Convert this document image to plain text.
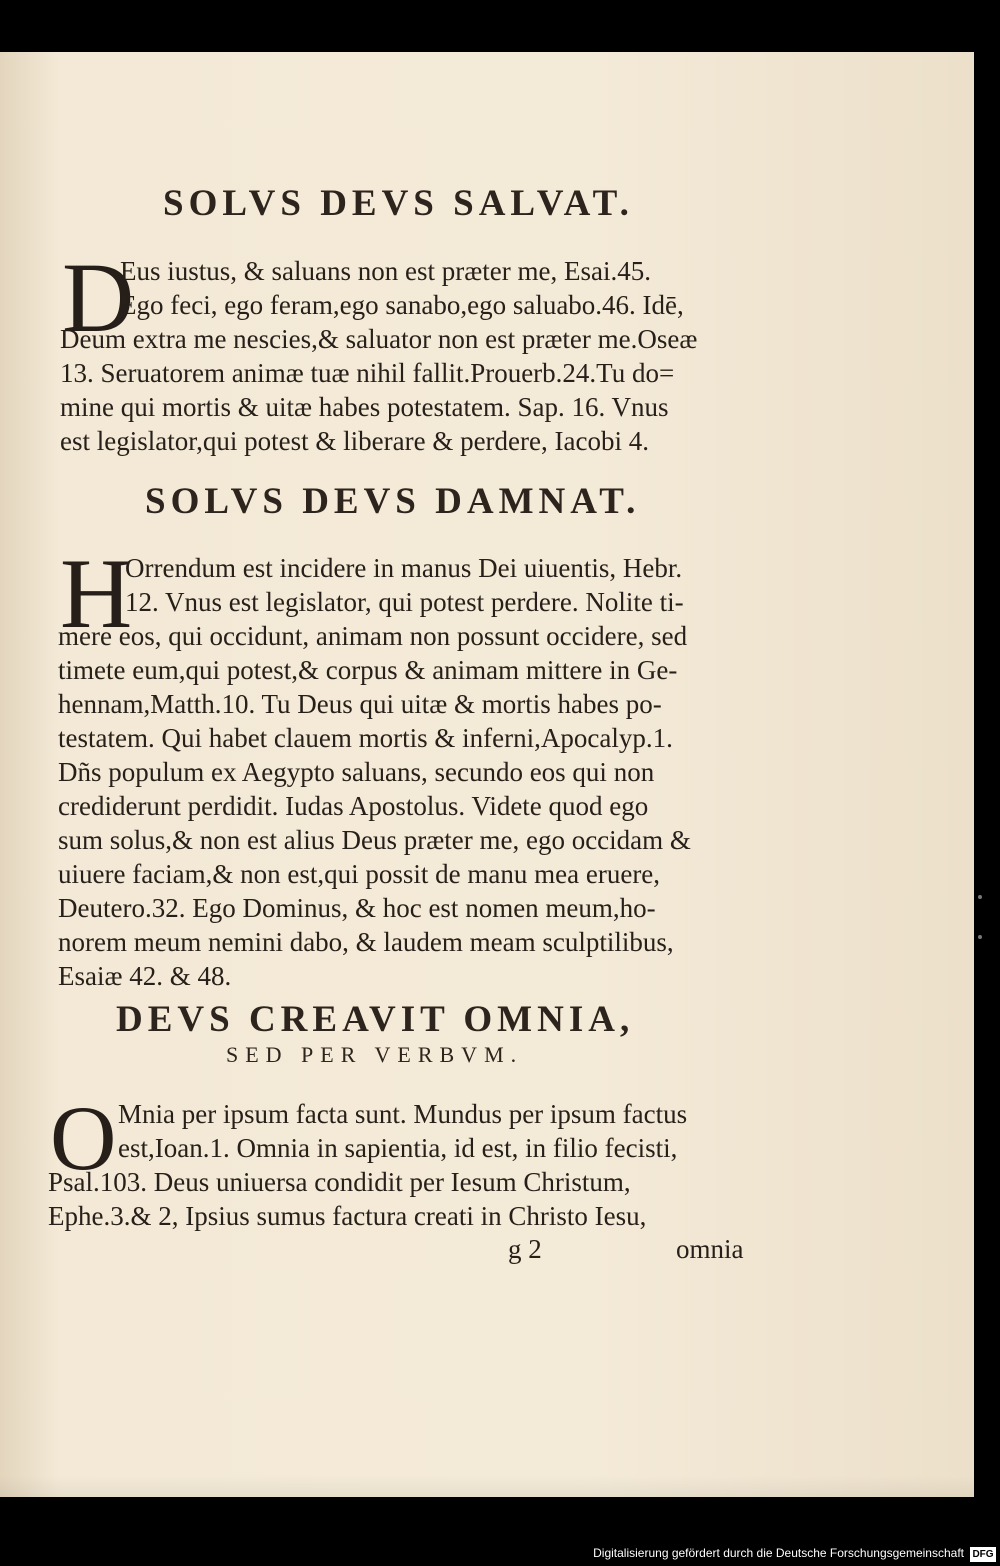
SOLVS DEVS SALVAT.
D
Eus iustus, & saluans non est præter me, Esai.45.
Ego feci, ego feram,ego sanabo,ego saluabo.46. Idē,
Deum extra me nescies,& saluator non est præter me.Oseæ
13. Seruatorem animæ tuæ nihil fallit.Prouerb.24.Tu do=
mine qui mortis & uitæ habes potestatem. Sap. 16. Vnus
est legislator,qui potest & liberare & perdere, Iacobi 4.
SOLVS DEVS DAMNAT.
H
Orrendum est incidere in manus Dei uiuentis, Hebr.
12. Vnus est legislator, qui potest perdere. Nolite ti-
mere eos, qui occidunt, animam non possunt occidere, sed
timete eum,qui potest,& corpus & animam mittere in Ge-
hennam,Matth.10. Tu Deus qui uitæ & mortis habes po-
testatem. Qui habet clauem mortis & inferni,Apocalyp.1.
Dñs populum ex Aegypto saluans, secundo eos qui non
crediderunt perdidit. Iudas Apostolus. Videte quod ego
sum solus,& non est alius Deus præter me, ego occidam &
uiuere faciam,& non est,qui possit de manu mea eruere,
Deutero.32. Ego Dominus, & hoc est nomen meum,ho-
norem meum nemini dabo, & laudem meam sculptilibus,
Esaiæ 42. & 48.
DEVS CREAVIT OMNIA,
SED PER VERBVM.
O Mnia per ipsum facta sunt. Mundus per ipsum factus
est,Ioan.1. Omnia in sapientia, id est, in filio fecisti,
Psal.103. Deus uniuersa condidit per Iesum Christum,
Ephe.3.& 2, Ipsius sumus factura creati in Christo Iesu,
g 2	omnia
Digitalisierung gefördert durch die Deutsche Forschungsgemeinschaft DFG
